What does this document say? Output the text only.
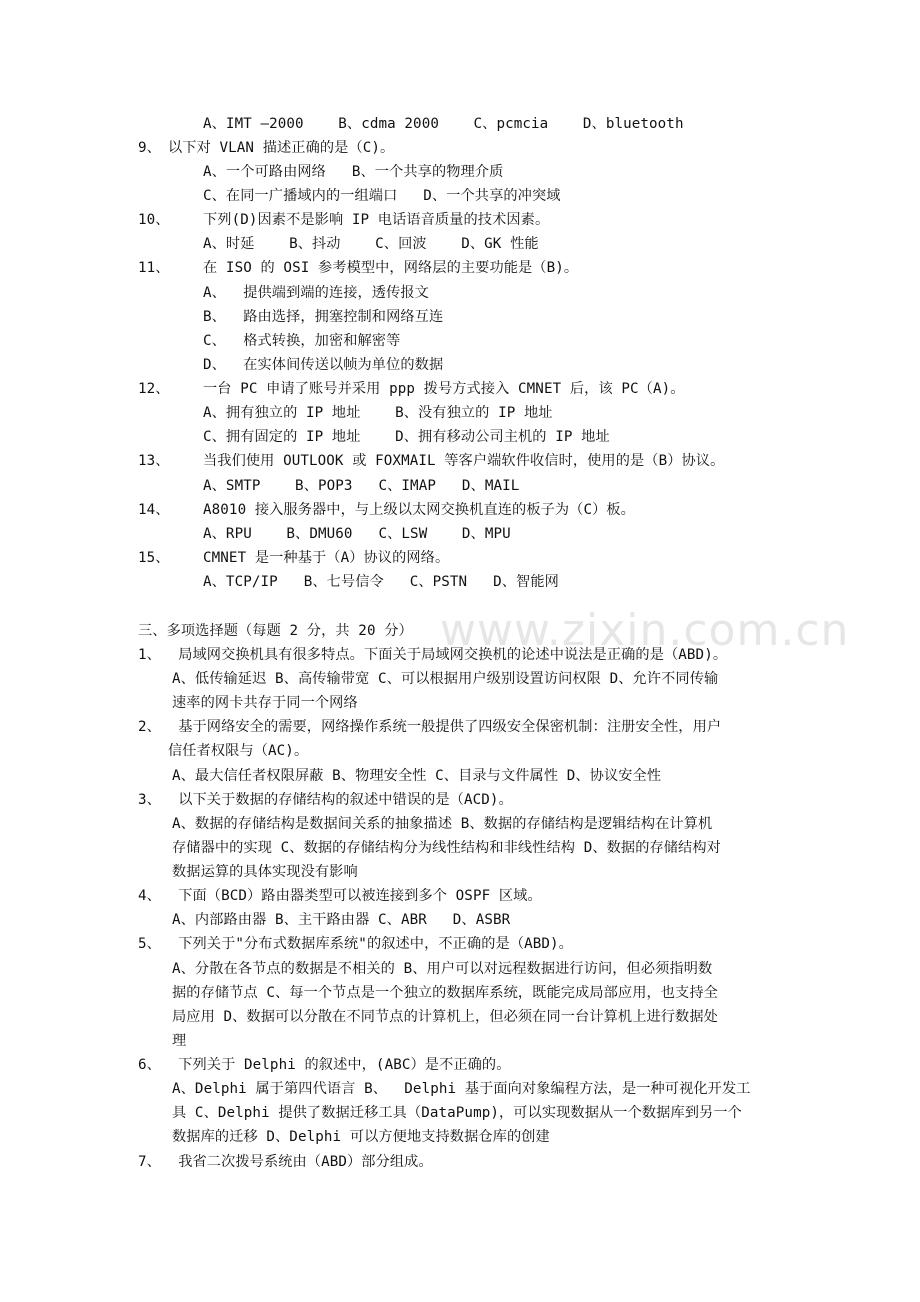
www.zixin.com.cn
A、IMT –2000    B、cdma 2000    C、pcmcia    D、bluetooth
9、 以下对 VLAN 描述正确的是（C)。
A、一个可路由网络   B、一个共享的物理介质
C、在同一广播域内的一组端口   D、一个共享的冲突域
10、 下列(D)因素不是影响 IP 电话语音质量的技术因素。
A、时延    B、抖动    C、回波    D、GK 性能
11、 在 ISO 的 OSI 参考模型中，网络层的主要功能是（B)。
A、  提供端到端的连接，透传报文
B、  路由选择，拥塞控制和网络互连
C、  格式转换，加密和解密等
D、  在实体间传送以帧为单位的数据
12、 一台 PC 申请了账号并采用 ppp 拨号方式接入 CMNET 后，该 PC（A)。
A、拥有独立的 IP 地址    B、没有独立的 IP 地址
C、拥有固定的 IP 地址    D、拥有移动公司主机的 IP 地址
13、 当我们使用 OUTLOOK 或 FOXMAIL 等客户端软件收信时，使用的是（B）协议。
A、SMTP    B、POP3   C、IMAP   D、MAIL
14、 A8010 接入服务器中，与上级以太网交换机直连的板子为（C）板。
A、RPU    B、DMU60   C、LSW    D、MPU
15、 CMNET 是一种基于（A）协议的网络。
A、TCP/IP   B、七号信令   C、PSTN   D、智能网
三、多项选择题（每题 2 分，共 20 分）
1、  局域网交换机具有很多特点。下面关于局域网交换机的论述中说法是正确的是（ABD)。
A、低传输延迟 B、高传输带宽 C、可以根据用户级别设置访问权限 D、允许不同传输
速率的网卡共存于同一个网络
2、  基于网络安全的需要，网络操作系统一般提供了四级安全保密机制：注册安全性，用户
信任者权限与（AC)。
A、最大信任者权限屏蔽 B、物理安全性 C、目录与文件属性 D、协议安全性
3、  以下关于数据的存储结构的叙述中错误的是（ACD)。
A、数据的存储结构是数据间关系的抽象描述 B、数据的存储结构是逻辑结构在计算机
存储器中的实现 C、数据的存储结构分为线性结构和非线性结构 D、数据的存储结构对
数据运算的具体实现没有影响
4、  下面（BCD）路由器类型可以被连接到多个 OSPF 区域。
A、内部路由器 B、主干路由器 C、ABR   D、ASBR
5、  下列关于"分布式数据库系统"的叙述中，不正确的是（ABD)。
A、分散在各节点的数据是不相关的 B、用户可以对远程数据进行访问，但必须指明数
据的存储节点 C、每一个节点是一个独立的数据库系统，既能完成局部应用，也支持全
局应用 D、数据可以分散在不同节点的计算机上，但必须在同一台计算机上进行数据处
理
6、  下列关于 Delphi 的叙述中，(ABC）是不正确的。
A、Delphi 属于第四代语言 B、  Delphi 基于面向对象编程方法，是一种可视化开发工
具 C、Delphi 提供了数据迁移工具（DataPump)，可以实现数据从一个数据库到另一个
数据库的迁移 D、Delphi 可以方便地支持数据仓库的创建
7、  我省二次拨号系统由（ABD）部分组成。
